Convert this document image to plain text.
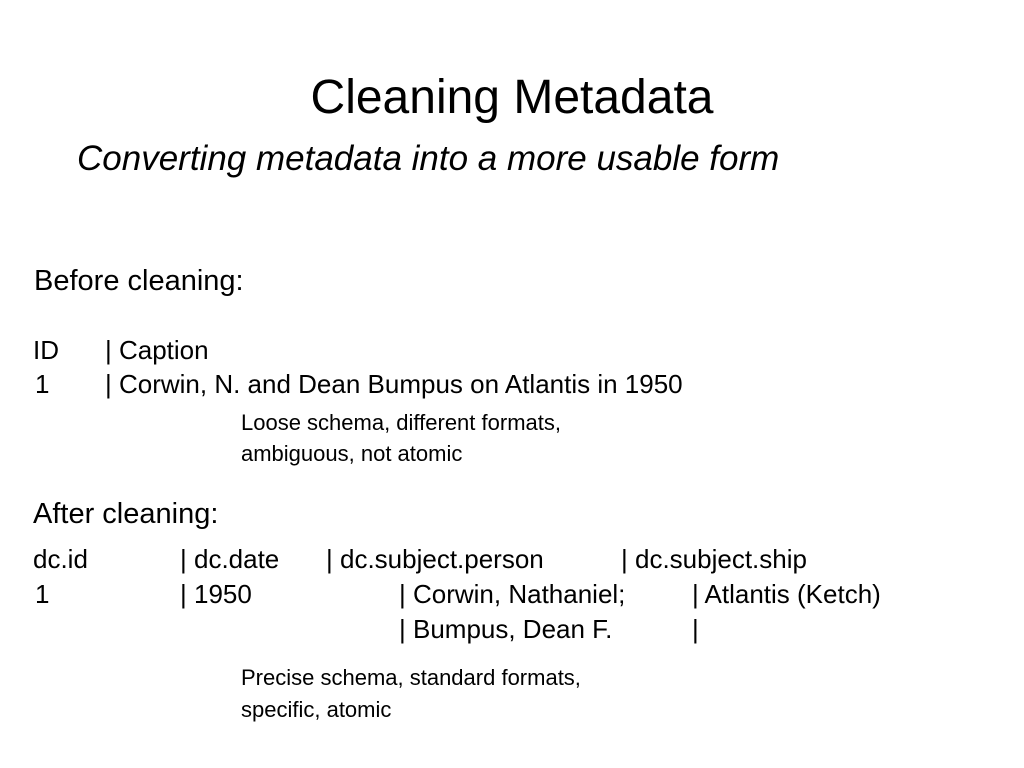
Cleaning Metadata
Converting metadata into a more usable form
Before cleaning:
ID | Caption
1 | Corwin, N. and Dean Bumpus on Atlantis in 1950
Loose schema, different formats,
ambiguous, not atomic
After cleaning:
dc.id	| dc.date | dc.subject.person	| dc.subject.ship
1	| 1950	| Corwin, Nathaniel;	| Atlantis (Ketch)
| Bumpus, Dean F.	|
Precise schema, standard formats,
specific, atomic
